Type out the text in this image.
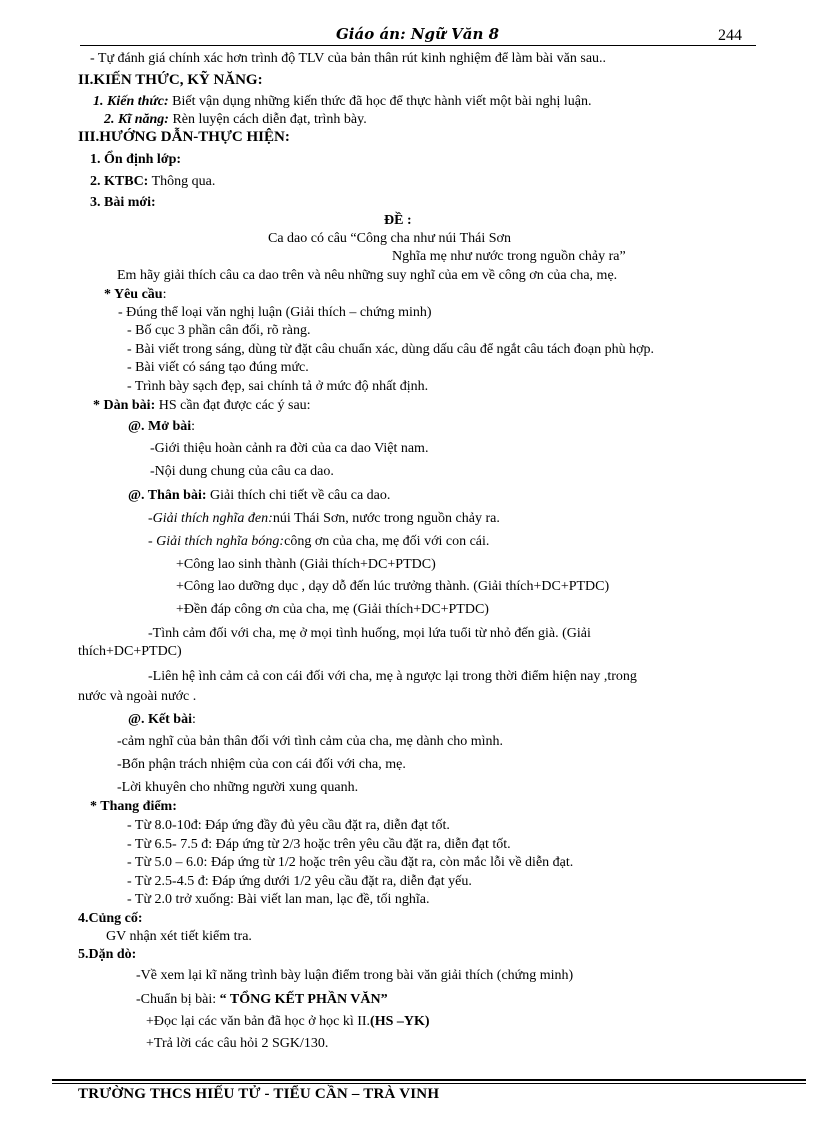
Giáo án: Ngữ Văn 8	244
- Tự đánh giá chính xác hơn trình độ TLV của bản thân rút kinh nghiệm để làm bài văn sau..
II.KIẾN THỨC, KỸ NĂNG:
1. Kiến thức: Biết vận dụng những kiến thức đã học để thực hành viết một bài nghị luận.
2. Kĩ năng: Rèn luyện cách diễn đạt, trình bày.
III.HƯỚNG DẪN-THỰC HIỆN:
1. Ổn định lớp:
2. KTBC: Thông qua.
3. Bài mới:
ĐỀ :
Ca dao có câu “Công cha như núi Thái Sơn
Nghĩa mẹ như nước trong nguồn chảy ra”
Em hãy giải thích câu ca dao trên và nêu những suy nghĩ của em về công ơn của cha, mẹ.
* Yêu cầu:
- Đúng thể loại văn nghị luận (Giải thích – chứng minh)
- Bố cục 3 phần cân đối, rõ ràng.
- Bài viết trong sáng, dùng từ đặt câu chuẩn xác, dùng dấu câu để ngắt câu tách đoạn phù hợp.
- Bài viết có sáng tạo đúng mức.
- Trình bày sạch đẹp, sai chính tả ở mức độ nhất định.
* Dàn bài: HS cần đạt được các ý sau:
@. Mở bài:
-Giới thiệu hoàn cảnh ra đời của ca dao Việt nam.
-Nội dung chung của câu ca dao.
@. Thân bài: Giải thích chi tiết về câu ca dao.
-Giải thích nghĩa đen:núi Thái Sơn, nước trong nguồn chảy ra.
- Giải thích nghĩa bóng:công ơn của cha, mẹ đối với con cái.
+Công lao sinh thành (Giải thích+DC+PTDC)
+Công lao dưỡng dục , dạy dỗ đến lúc trưởng thành. (Giải thích+DC+PTDC)
+Đền đáp công ơn của cha, mẹ (Giải thích+DC+PTDC)
-Tình cảm đối với cha, mẹ ở mọi tình huống, mọi lứa tuổi từ nhỏ đến già. (Giải
thích+DC+PTDC)
-Liên hệ ình cảm cả con cái đối với cha, mẹ à ngược lại trong thời điểm hiện nay ,trong
nước và ngoài nước .
@. Kết bài:
-cảm nghĩ của bản thân đối với tình cảm của cha, mẹ dành cho mình.
-Bổn phận trách nhiệm của con cái đối với cha, mẹ.
-Lời khuyên cho những người xung quanh.
* Thang điểm:
- Từ 8.0-10đ: Đáp ứng đầy đủ yêu cầu đặt ra, diễn đạt tốt.
- Từ 6.5- 7.5 đ: Đáp ứng từ 2/3 hoặc trên yêu cầu đặt ra, diễn đạt tốt.
- Từ 5.0 – 6.0: Đáp ứng từ 1/2 hoặc trên yêu cầu đặt ra, còn mắc lỗi về diễn đạt.
- Từ 2.5-4.5 đ: Đáp ứng dưới 1/2 yêu cầu đặt ra, diễn đạt yếu.
- Từ 2.0 trở xuống: Bài viết lan man, lạc đề, tối nghĩa.
4.Củng cố:
GV nhận xét tiết kiểm tra.
5.Dặn dò:
-Về xem lại kĩ năng trình bày luận điểm trong bài văn giải thích (chứng minh)
-Chuẩn bị bài: “ TỔNG KẾT PHẦN VĂN”
+Đọc lại các văn bản đã học ở học kì II.(HS –YK)
+Trả lời các câu hỏi 2 SGK/130.
TRƯỜNG THCS HIẾU TỬ - TIỂU CẦN – TRÀ VINH
